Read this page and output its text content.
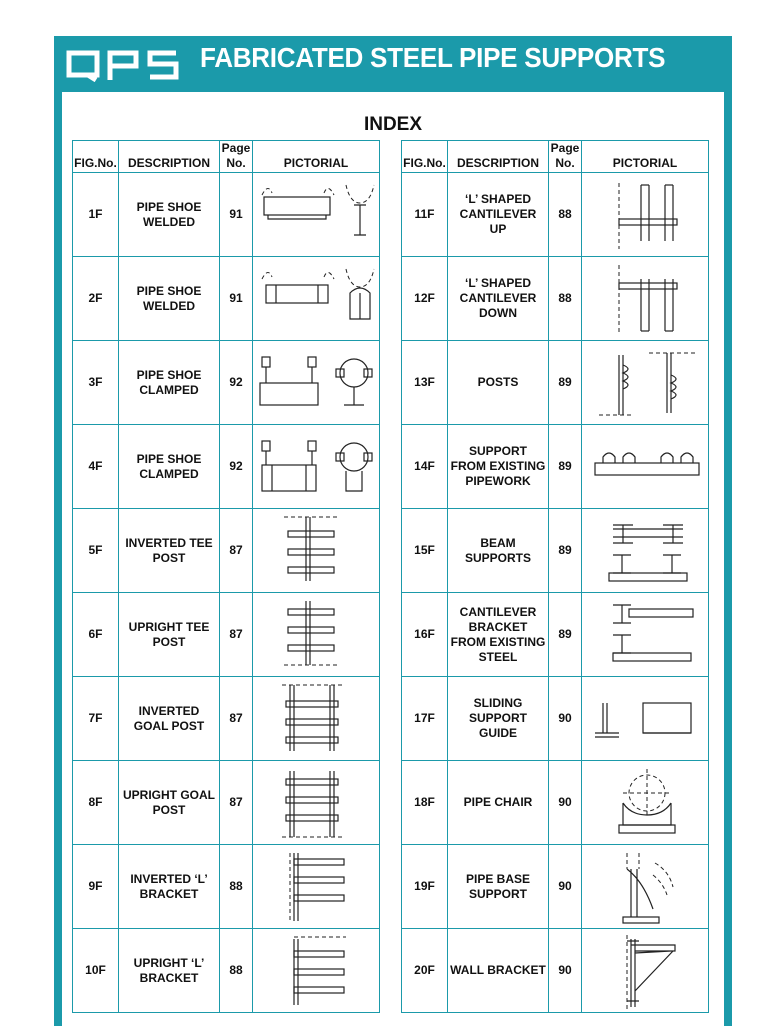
FABRICATED STEEL PIPE SUPPORTS
INDEX
FIG.No.	DESCRIPTION	Page
No.	PICTORIAL
1F	PIPE SHOE WELDED	91	

2F	PIPE SHOE WELDED	91	

3F	PIPE SHOE CLAMPED	92	

4F	PIPE SHOE CLAMPED	92	

5F	INVERTED TEE POST	87	

6F	UPRIGHT TEE POST	87	

7F	INVERTED GOAL POST	87	

8F	UPRIGHT GOAL POST	87	

9F	INVERTED ‘L’ BRACKET	88	

10F	UPRIGHT ‘L’ BRACKET	88	
FIG.No.	DESCRIPTION	Page
No.	PICTORIAL
11F	‘L’ SHAPED CANTILEVER UP	88	

12F	‘L’ SHAPED CANTILEVER DOWN	88	

13F	POSTS	89	

14F	SUPPORT FROM EXISTING PIPEWORK	89	

15F	BEAM SUPPORTS	89	

16F	CANTILEVER BRACKET FROM EXISTING STEEL	89	

17F	SLIDING SUPPORT GUIDE	90	

18F	PIPE CHAIR	90	

19F	PIPE BASE SUPPORT	90	

20F	WALL BRACKET	90	
